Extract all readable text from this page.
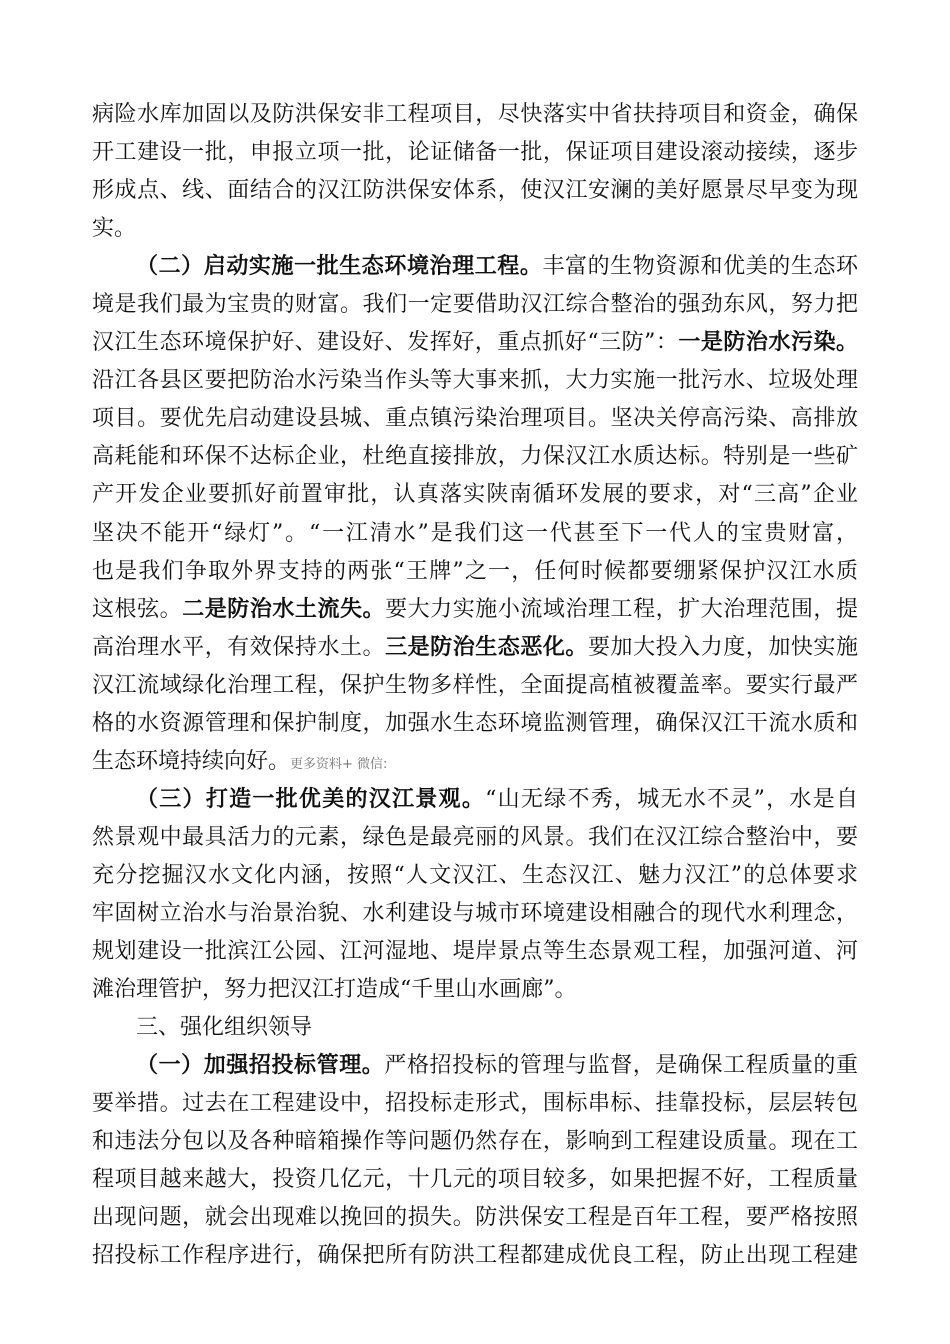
病险水库加固以及防洪保安非工程项目，尽快落实中省扶持项目和资金，确保
开工建设一批，申报立项一批，论证储备一批，保证项目建设滚动接续，逐步
形成点、线、面结合的汉江防洪保安体系，使汉江安澜的美好愿景尽早变为现
实。
（二）启动实施一批生态环境治理工程。丰富的生物资源和优美的生态环
境是我们最为宝贵的财富。我们一定要借助汉江综合整治的强劲东风，努力把
汉江生态环境保护好、建设好、发挥好，重点抓好“三防”：一是防治水污染。
沿江各县区要把防治水污染当作头等大事来抓，大力实施一批污水、垃圾处理
项目。要优先启动建设县城、重点镇污染治理项目。坚决关停高污染、高排放
高耗能和环保不达标企业，杜绝直接排放，力保汉江水质达标。特别是一些矿
产开发企业要抓好前置审批，认真落实陕南循环发展的要求，对“三高”企业
坚决不能开“绿灯”。“一江清水”是我们这一代甚至下一代人的宝贵财富，
也是我们争取外界支持的两张“王牌”之一，任何时候都要绷紧保护汉江水质
这根弦。二是防治水土流失。要大力实施小流域治理工程，扩大治理范围，提
高治理水平，有效保持水土。三是防治生态恶化。要加大投入力度，加快实施
汉江流域绿化治理工程，保护生物多样性，全面提高植被覆盖率。要实行最严
格的水资源管理和保护制度，加强水生态环境监测管理，确保汉江干流水质和
生态环境持续向好。更多资料+ 微信:
（三）打造一批优美的汉江景观。“山无绿不秀，城无水不灵”，水是自
然景观中最具活力的元素，绿色是最亮丽的风景。我们在汉江综合整治中，要
充分挖掘汉水文化内涵，按照“人文汉江、生态汉江、魅力汉江”的总体要求
牢固树立治水与治景治貌、水利建设与城市环境建设相融合的现代水利理念，
规划建设一批滨江公园、江河湿地、堤岸景点等生态景观工程，加强河道、河
滩治理管护，努力把汉江打造成“千里山水画廊”。
三、强化组织领导
（一）加强招投标管理。严格招投标的管理与监督，是确保工程质量的重
要举措。过去在工程建设中，招投标走形式，围标串标、挂靠投标，层层转包
和违法分包以及各种暗箱操作等问题仍然存在，影响到工程建设质量。现在工
程项目越来越大，投资几亿元，十几元的项目较多，如果把握不好，工程质量
出现问题，就会出现难以挽回的损失。防洪保安工程是百年工程，要严格按照
招投标工作程序进行，确保把所有防洪工程都建成优良工程，防止出现工程建
